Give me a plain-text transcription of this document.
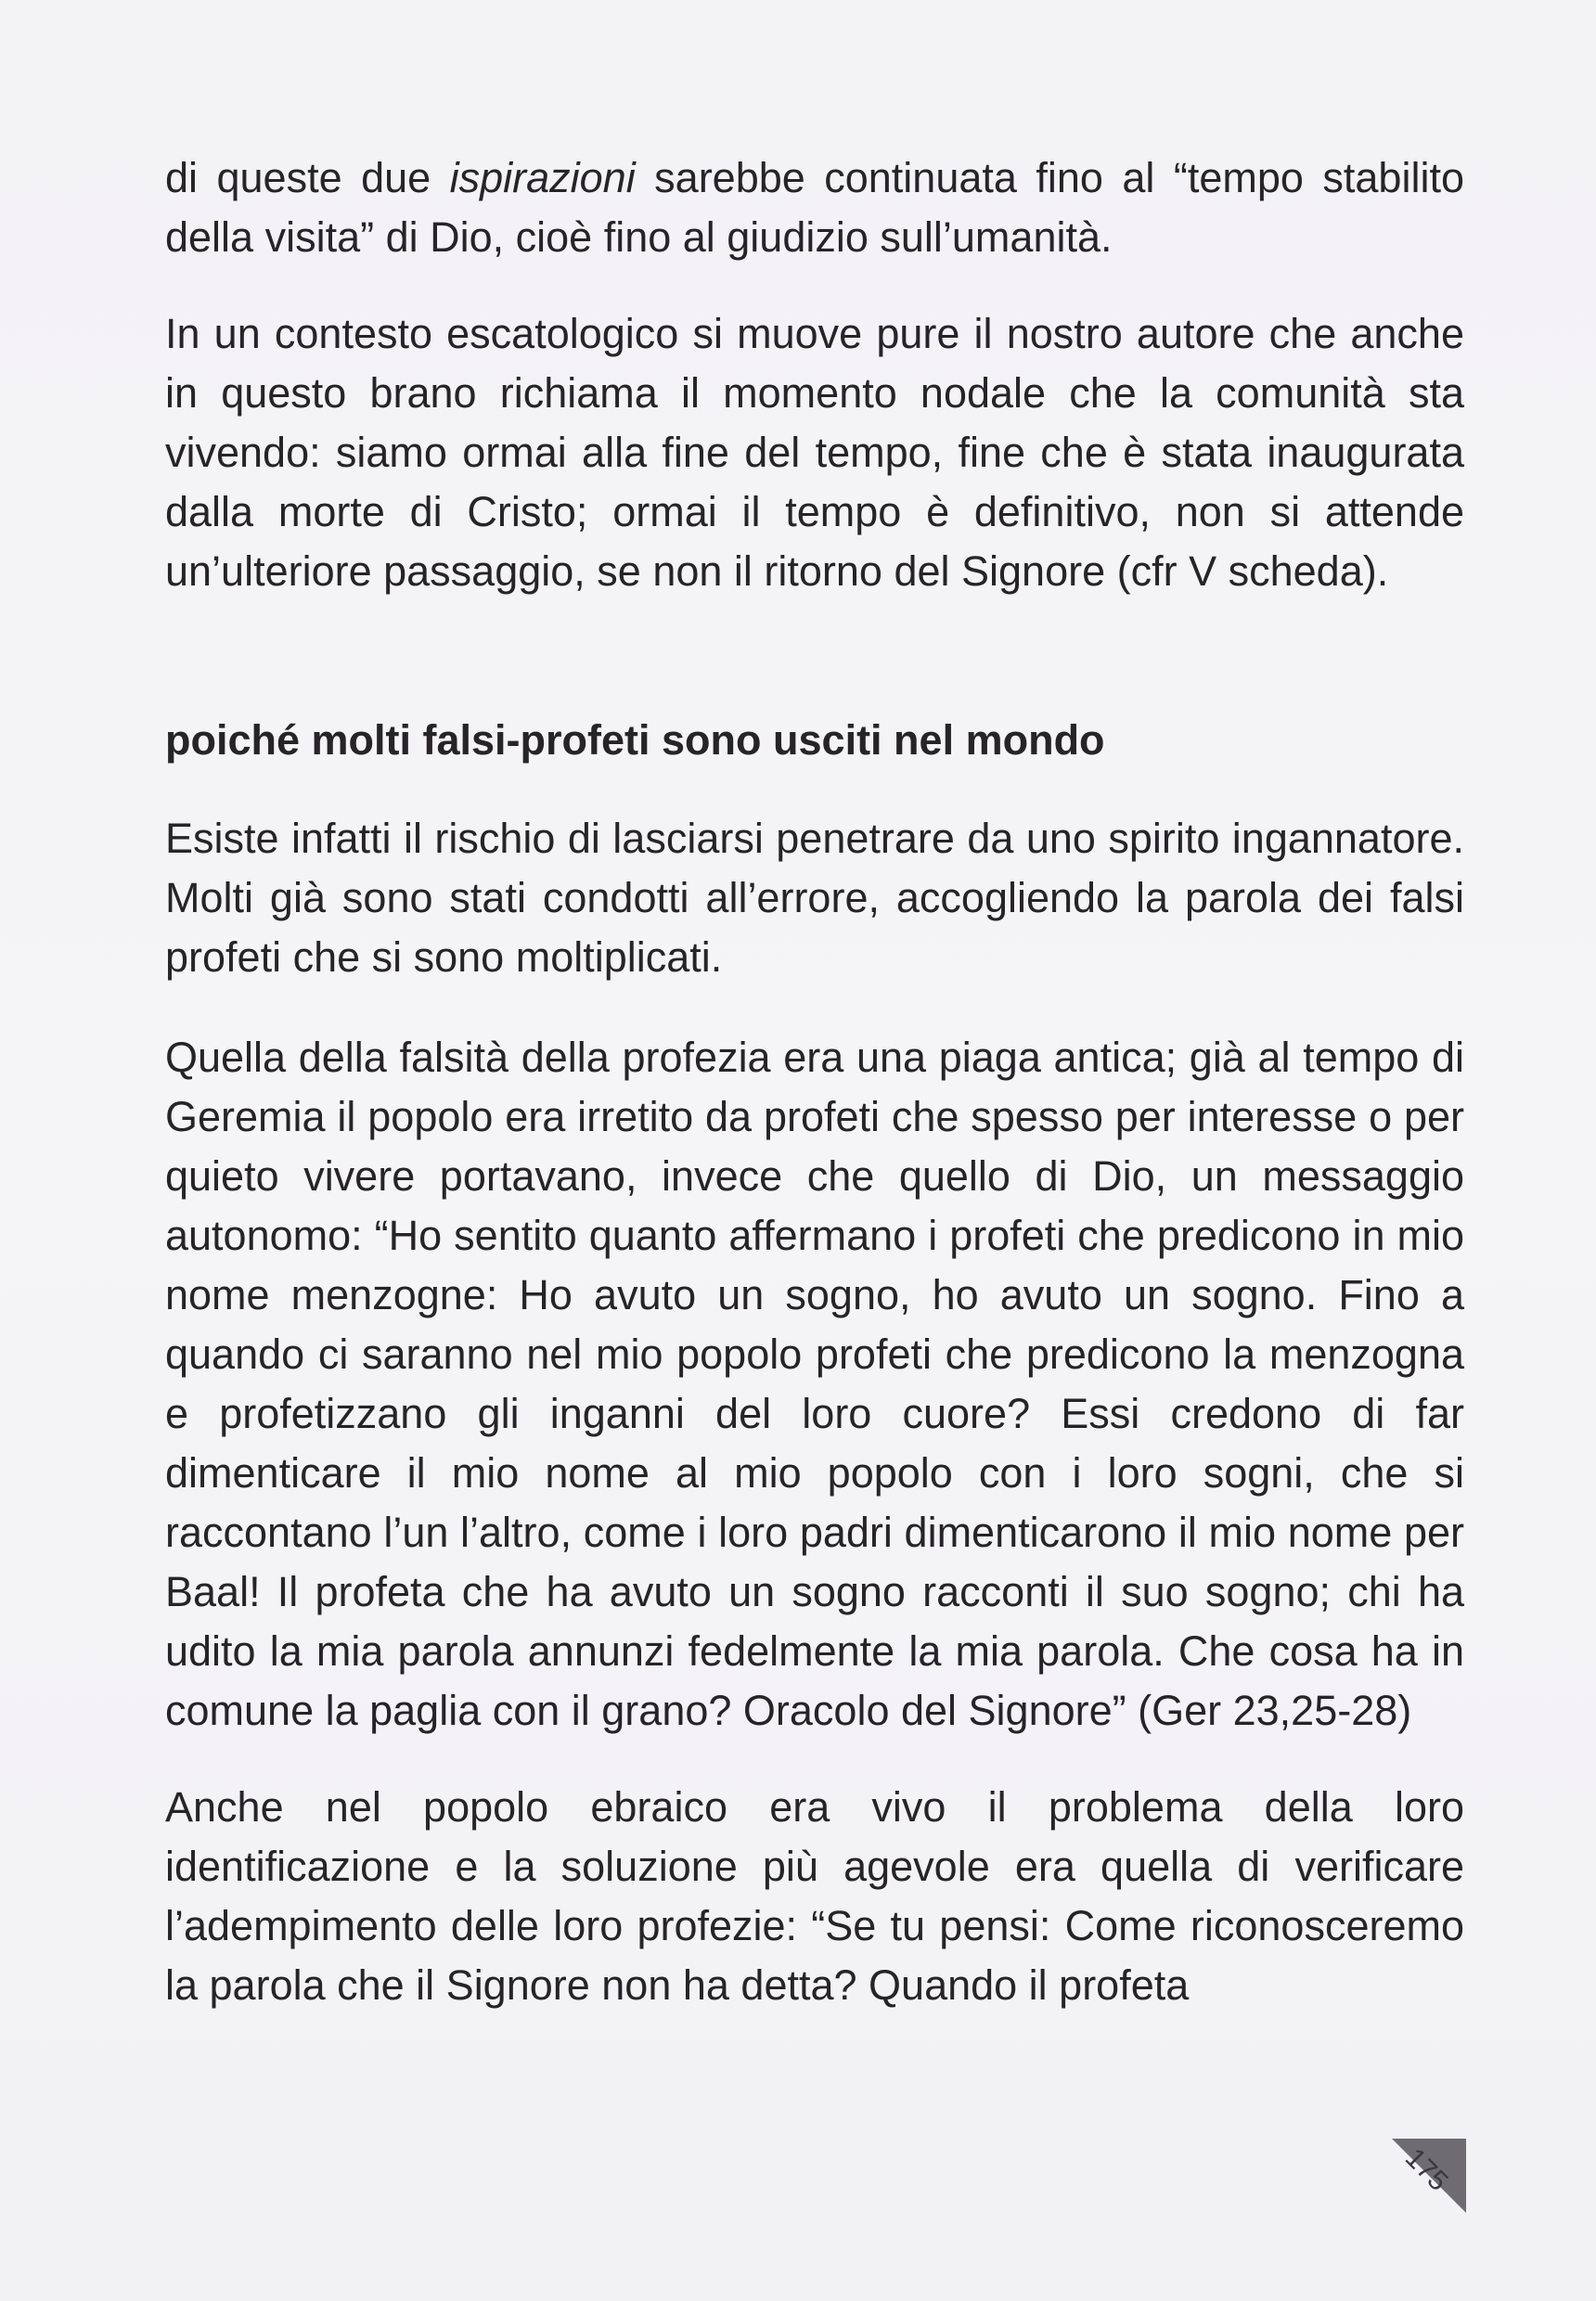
di queste due ispirazioni sarebbe continuata fino al “tempo stabilito della visita” di Dio, cioè fino al giudizio sull’umanità.

In un contesto escatologico si muove pure il nostro autore che anche in questo brano richiama il momento nodale che la comunità sta vivendo: siamo ormai alla fine del tempo, fine che è stata inaugurata dalla morte di Cristo; ormai il tempo è definitivo, non si attende un’ulteriore passaggio, se non il ritorno del Signore (cfr V scheda).

poiché molti falsi-profeti sono usciti nel mondo

Esiste infatti il rischio di lasciarsi penetrare da uno spirito ingannatore. Molti già sono stati condotti all’errore, accogliendo la parola dei falsi profeti che si sono moltiplicati.

Quella della falsità della profezia era una piaga antica; già al tempo di Geremia il popolo era irretito da profeti che spesso per interesse o per quieto vivere portavano, invece che quello di Dio, un messaggio autonomo: “Ho sentito quanto affermano i profeti che predicono in mio nome menzogne: Ho avuto un sogno, ho avuto un sogno. Fino a quando ci saranno nel mio popolo profeti che predicono la menzogna e profetizzano gli inganni del loro cuore? Essi credono di far dimenticare il mio nome al mio popolo con i loro sogni, che si raccontano l’un l’altro, come i loro padri dimenticarono il mio nome per Baal! Il profeta che ha avuto un sogno racconti il suo sogno; chi ha udito la mia parola annunzi fedelmente la mia parola. Che cosa ha in comune la paglia con il grano? Oracolo del Signore” (Ger 23,25-28)

Anche nel popolo ebraico era vivo il problema della loro identificazione e la soluzione più agevole era quella di verificare l’adempimento delle loro profezie: “Se tu pensi: Come riconosceremo la parola che il Signore non ha detta? Quando il profeta

175
